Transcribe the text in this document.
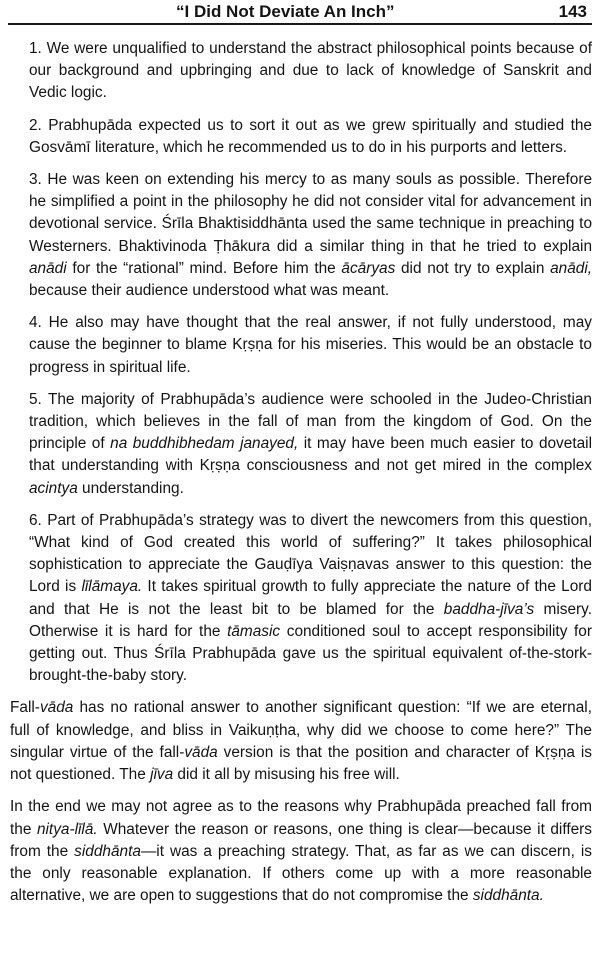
“I Did Not Deviate An Inch”	143

1. We were unqualified to understand the abstract philosophical points because of our background and upbringing and due to lack of knowledge of Sanskrit and Vedic logic.

2. Prabhupāda expected us to sort it out as we grew spiritually and studied the Gosvāmī literature, which he recommended us to do in his purports and letters.

3. He was keen on extending his mercy to as many souls as possible. Therefore he simplified a point in the philosophy he did not consider vital for advancement in devotional service. Śrīla Bhaktisiddhānta used the same technique in preaching to Westerners. Bhaktivinoda Ṭhākura did a similar thing in that he tried to explain anādi for the “rational” mind. Before him the ācāryas did not try to explain anādi, because their audience understood what was meant.

4. He also may have thought that the real answer, if not fully understood, may cause the beginner to blame Kṛṣṇa for his miseries. This would be an obstacle to progress in spiritual life.

5. The majority of Prabhupāda’s audience were schooled in the Judeo-Christian tradition, which believes in the fall of man from the kingdom of God. On the principle of na buddhibhedam janayed, it may have been much easier to dovetail that understanding with Kṛṣṇa consciousness and not get mired in the complex acintya understanding.

6. Part of Prabhupāda’s strategy was to divert the newcomers from this question, “What kind of God created this world of suffering?” It takes philosophical sophistication to appreciate the Gauḍīya Vaiṣṇavas answer to this question: the Lord is līlāmaya. It takes spiritual growth to fully appreciate the nature of the Lord and that He is not the least bit to be blamed for the baddha-jīva’s misery. Otherwise it is hard for the tāmasic conditioned soul to accept responsibility for getting out. Thus Śrīla Prabhupāda gave us the spiritual equivalent of-the-stork-brought-the-baby story.

Fall-vāda has no rational answer to another significant question: “If we are eternal, full of knowledge, and bliss in Vaikuṇṭha, why did we choose to come here?” The singular virtue of the fall-vāda version is that the position and character of Kṛṣṇa is not questioned. The jīva did it all by misusing his free will.

In the end we may not agree as to the reasons why Prabhupāda preached fall from the nitya-līlā. Whatever the reason or reasons, one thing is clear—because it differs from the siddhānta—it was a preaching strategy. That, as far as we can discern, is the only reasonable explanation. If others come up with a more reasonable alternative, we are open to suggestions that do not compromise the siddhānta.
